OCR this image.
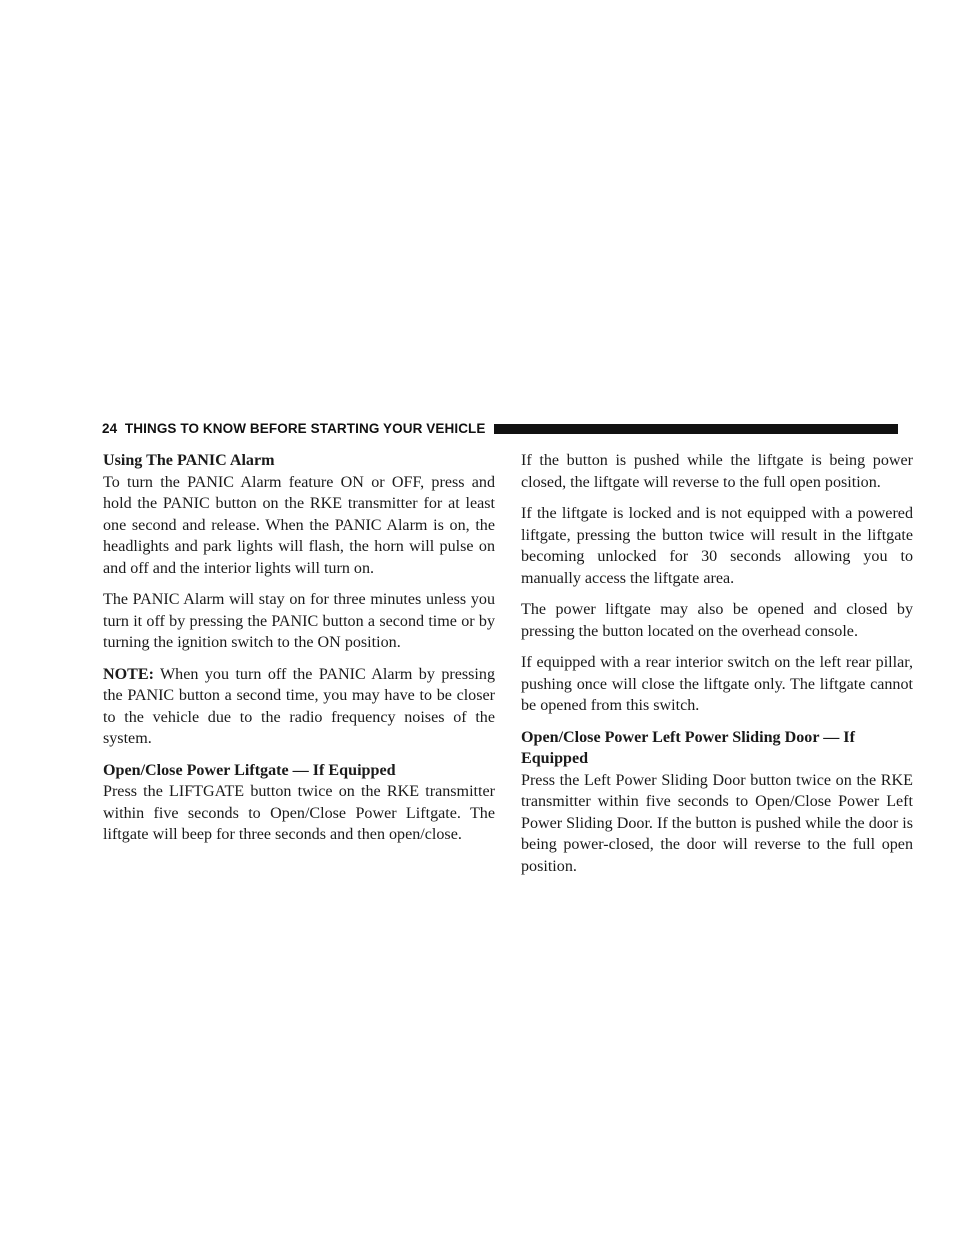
24 THINGS TO KNOW BEFORE STARTING YOUR VEHICLE
Using The PANIC Alarm

To turn the PANIC Alarm feature ON or OFF, press and hold the PANIC button on the RKE transmitter for at least one second and release. When the PANIC Alarm is on, the headlights and park lights will flash, the horn will pulse on and off and the interior lights will turn on.

The PANIC Alarm will stay on for three minutes unless you turn it off by pressing the PANIC button a second time or by turning the ignition switch to the ON position.

NOTE: When you turn off the PANIC Alarm by pressing the PANIC button a second time, you may have to be closer to the vehicle due to the radio frequency noises of the system.

Open/Close Power Liftgate — If Equipped

Press the LIFTGATE button twice on the RKE transmitter within five seconds to Open/Close Power Liftgate. The liftgate will beep for three seconds and then open/close.

If the button is pushed while the liftgate is being power closed, the liftgate will reverse to the full open position.

If the liftgate is locked and is not equipped with a powered liftgate, pressing the button twice will result in the liftgate becoming unlocked for 30 seconds allowing you to manually access the liftgate area.

The power liftgate may also be opened and closed by pressing the button located on the overhead console.

If equipped with a rear interior switch on the left rear pillar, pushing once will close the liftgate only. The liftgate cannot be opened from this switch.

Open/Close Power Left Power Sliding Door — If Equipped

Press the Left Power Sliding Door button twice on the RKE transmitter within five seconds to Open/Close Power Left Power Sliding Door. If the button is pushed while the door is being power-closed, the door will reverse to the full open position.
